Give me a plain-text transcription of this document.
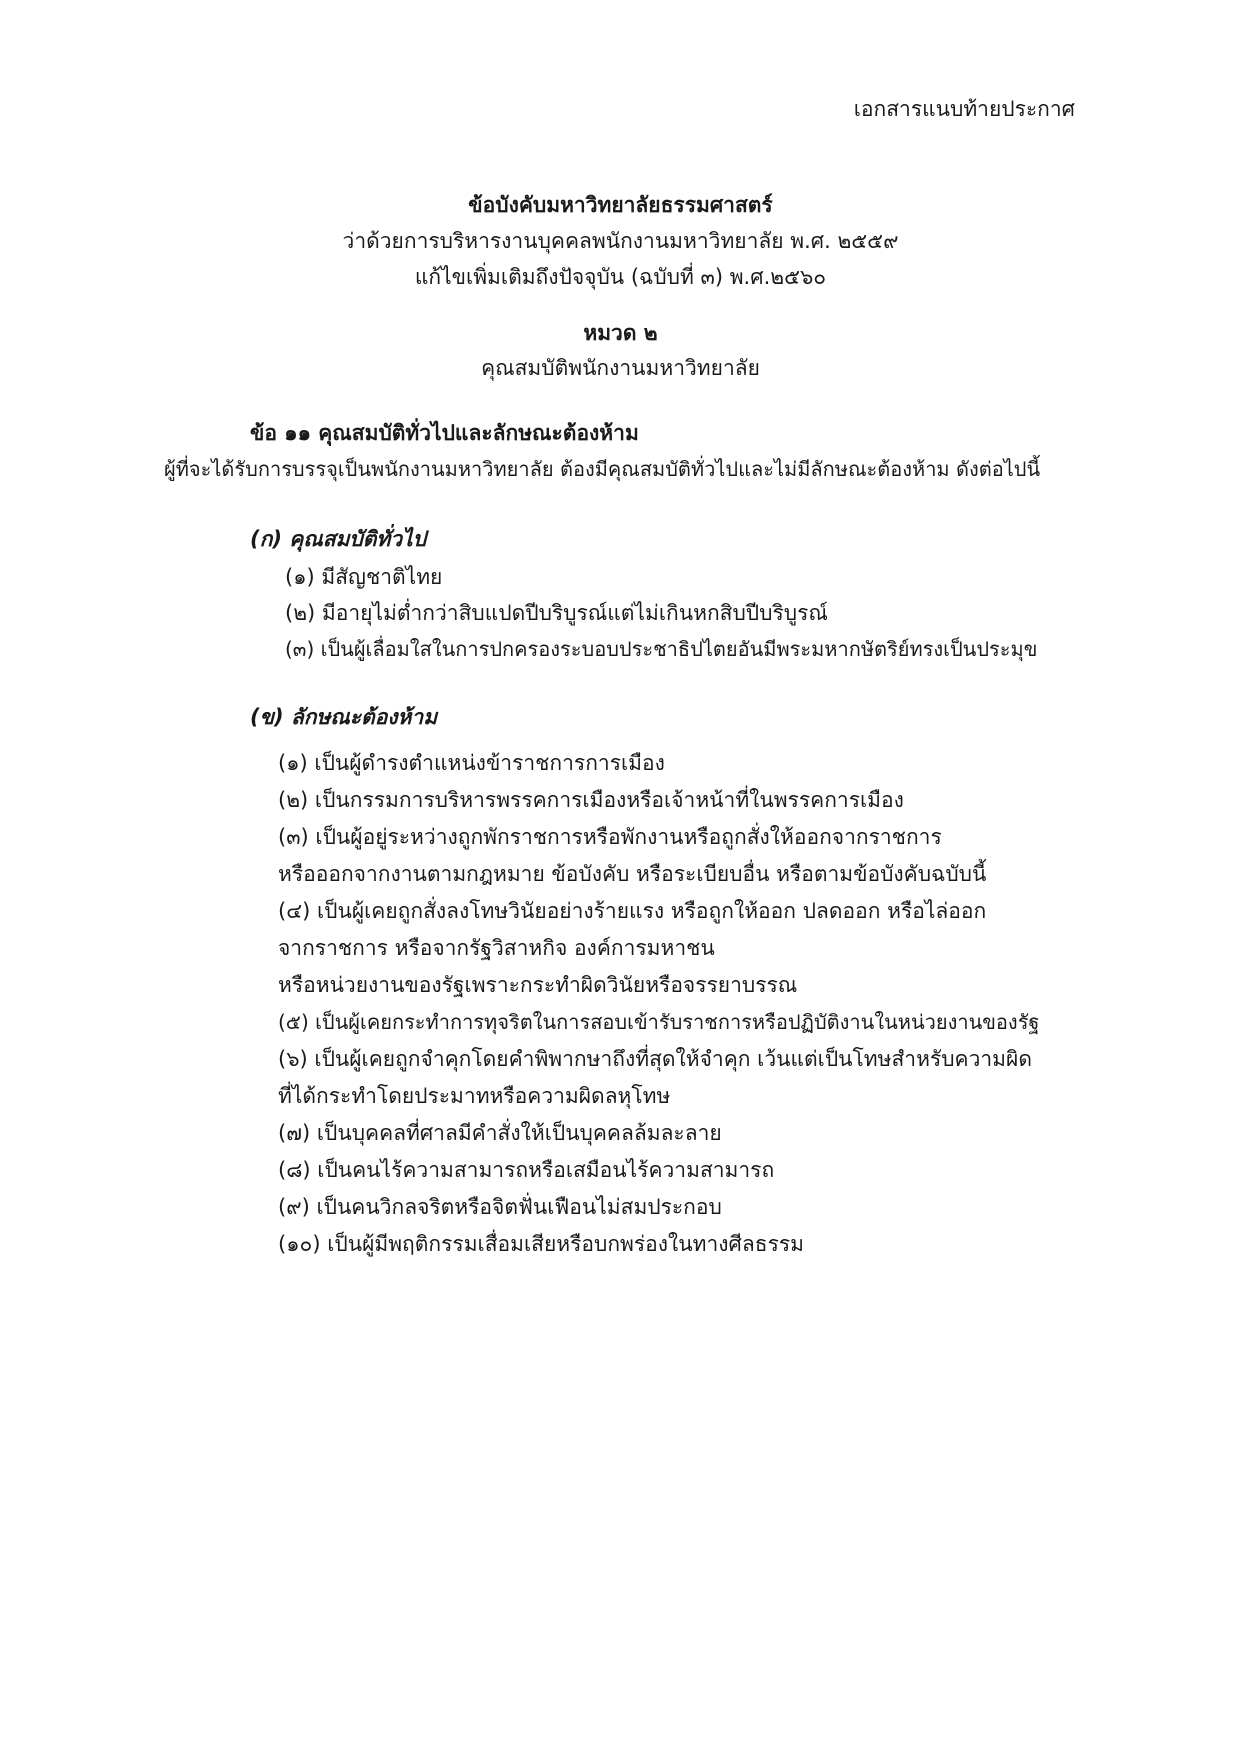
เอกสารแนบท้ายประกาศ
ข้อบังคับมหาวิทยาลัยธรรมศาสตร์
ว่าด้วยการบริหารงานบุคคลพนักงานมหาวิทยาลัย พ.ศ. ๒๕๕๙
แก้ไขเพิ่มเติมถึงปัจจุบัน (ฉบับที่ ๓) พ.ศ.๒๕๖๐
หมวด ๒
คุณสมบัติพนักงานมหาวิทยาลัย
ข้อ ๑๑ คุณสมบัติทั่วไปและลักษณะต้องห้าม
ผู้ที่จะได้รับการบรรจุเป็นพนักงานมหาวิทยาลัย ต้องมีคุณสมบัติทั่วไปและไม่มีลักษณะต้องห้าม ดังต่อไปนี้
(ก) คุณสมบัติทั่วไป
(๑) มีสัญชาติไทย
(๒) มีอายุไม่ต่ำกว่าสิบแปดปีบริบูรณ์แต่ไม่เกินหกสิบปีบริบูรณ์
(๓) เป็นผู้เลื่อมใสในการปกครองระบอบประชาธิปไตยอันมีพระมหากษัตริย์ทรงเป็นประมุข
(ข) ลักษณะต้องห้าม
(๑) เป็นผู้ดำรงตำแหน่งข้าราชการการเมือง
(๒) เป็นกรรมการบริหารพรรคการเมืองหรือเจ้าหน้าที่ในพรรคการเมือง
(๓) เป็นผู้อยู่ระหว่างถูกพักราชการหรือพักงานหรือถูกสั่งให้ออกจากราชการ
หรือออกจากงานตามกฎหมาย ข้อบังคับ หรือระเบียบอื่น หรือตามข้อบังคับฉบับนี้
(๔) เป็นผู้เคยถูกสั่งลงโทษวินัยอย่างร้ายแรง หรือถูกให้ออก ปลดออก หรือไล่ออก
จากราชการ หรือจากรัฐวิสาหกิจ องค์การมหาชน
หรือหน่วยงานของรัฐเพราะกระทำผิดวินัยหรือจรรยาบรรณ
(๕) เป็นผู้เคยกระทำการทุจริตในการสอบเข้ารับราชการหรือปฏิบัติงานในหน่วยงานของรัฐ
(๖) เป็นผู้เคยถูกจำคุกโดยคำพิพากษาถึงที่สุดให้จำคุก เว้นแต่เป็นโทษสำหรับความผิด
ที่ได้กระทำโดยประมาทหรือความผิดลหุโทษ
(๗) เป็นบุคคลที่ศาลมีคำสั่งให้เป็นบุคคลล้มละลาย
(๘) เป็นคนไร้ความสามารถหรือเสมือนไร้ความสามารถ
(๙) เป็นคนวิกลจริตหรือจิตฟั่นเฟือนไม่สมประกอบ
(๑๐) เป็นผู้มีพฤติกรรมเสื่อมเสียหรือบกพร่องในทางศีลธรรม
